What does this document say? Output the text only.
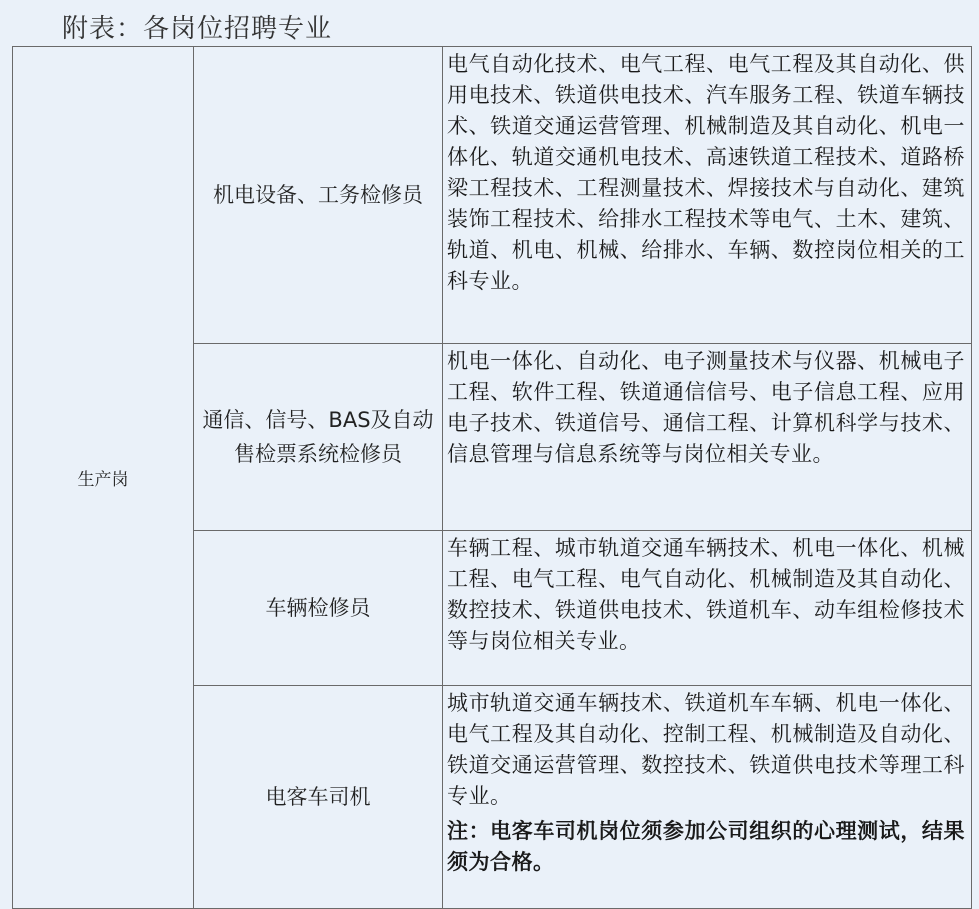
附表：各岗位招聘专业
生产岗	机电设备、工务检修员	电气自动化技术、电气工程、电气工程及其自动化、供用电技术、铁道供电技术、汽车服务工程、铁道车辆技术、铁道交通运营管理、机械制造及其自动化、机电一体化、轨道交通机电技术、高速铁道工程技术、道路桥梁工程技术、工程测量技术、焊接技术与自动化、建筑装饰工程技术、给排水工程技术等电气、土木、建筑、轨道、机电、机械、给排水、车辆、数控岗位相关的工科专业。
	通信、信号、BAS及自动售检票系统检修员	机电一体化、自动化、电子测量技术与仪器、机械电子工程、软件工程、铁道通信信号、电子信息工程、应用电子技术、铁道信号、通信工程、计算机科学与技术、信息管理与信息系统等与岗位相关专业。
	车辆检修员	车辆工程、城市轨道交通车辆技术、机电一体化、机械工程、电气工程、电气自动化、机械制造及其自动化、数控技术、铁道供电技术、铁道机车、动车组检修技术等与岗位相关专业。
	电客车司机	城市轨道交通车辆技术、铁道机车车辆、机电一体化、电气工程及其自动化、控制工程、机械制造及自动化、铁道交通运营管理、数控技术、铁道供电技术等理工科专业。
注：电客车司机岗位须参加公司组织的心理测试，结果须为合格。
